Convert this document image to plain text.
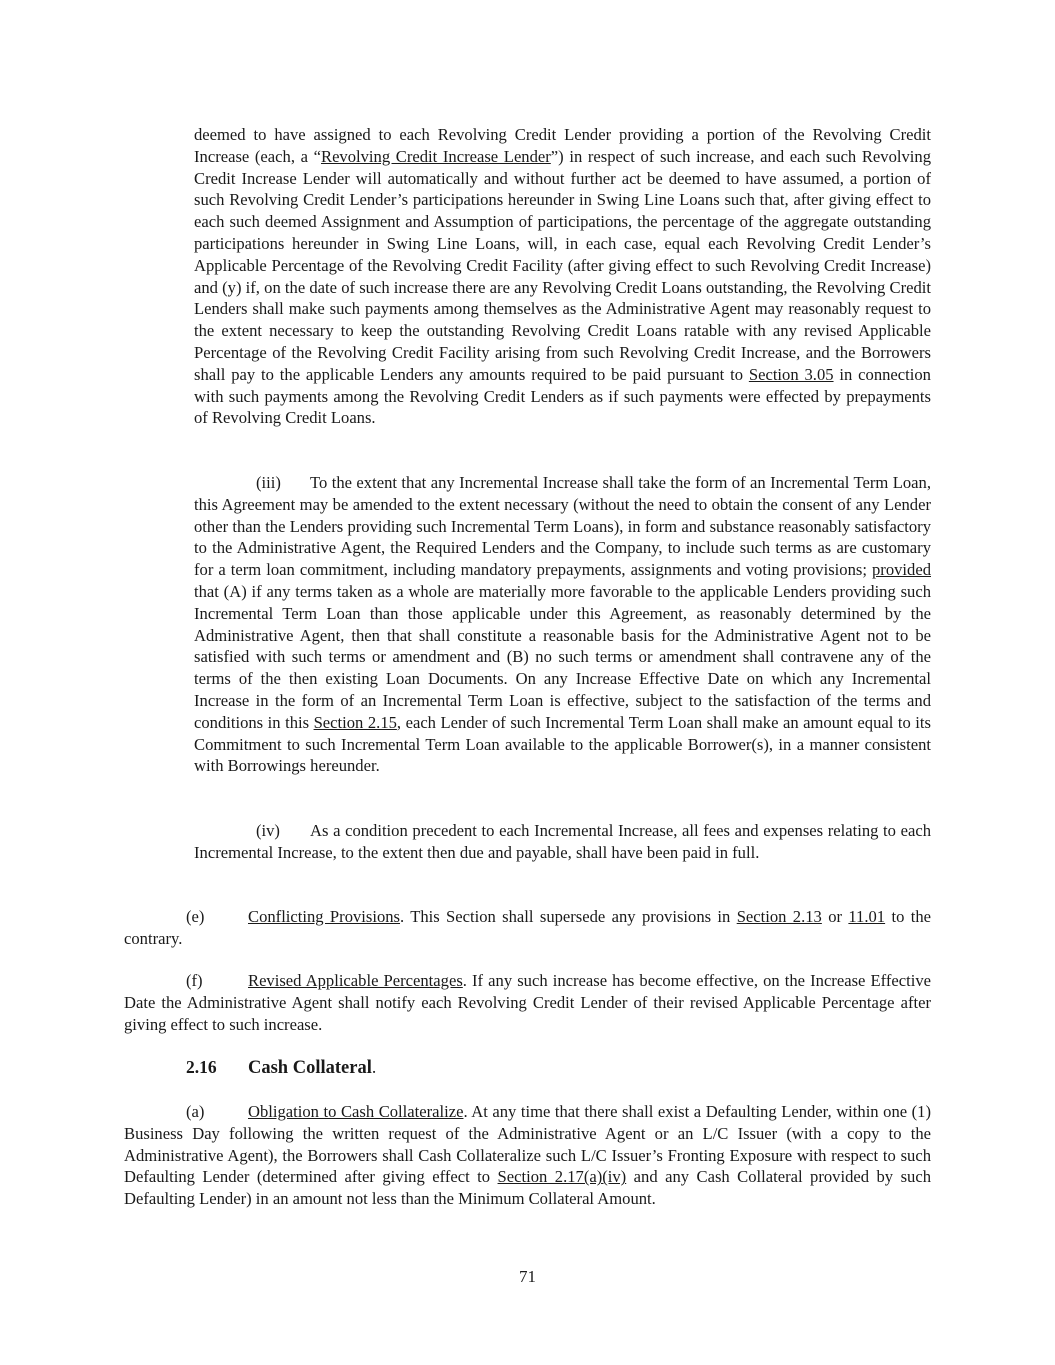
deemed to have assigned to each Revolving Credit Lender providing a portion of the Revolving Credit Increase (each, a “Revolving Credit Increase Lender”) in respect of such increase, and each such Revolving Credit Increase Lender will automatically and without further act be deemed to have assumed, a portion of such Revolving Credit Lender’s participations hereunder in Swing Line Loans such that, after giving effect to each such deemed Assignment and Assumption of participations, the percentage of the aggregate outstanding participations hereunder in Swing Line Loans, will, in each case, equal each Revolving Credit Lender’s Applicable Percentage of the Revolving Credit Facility (after giving effect to such Revolving Credit Increase) and (y) if, on the date of such increase there are any Revolving Credit Loans outstanding, the Revolving Credit Lenders shall make such payments among themselves as the Administrative Agent may reasonably request to the extent necessary to keep the outstanding Revolving Credit Loans ratable with any revised Applicable Percentage of the Revolving Credit Facility arising from such Revolving Credit Increase, and the Borrowers shall pay to the applicable Lenders any amounts required to be paid pursuant to Section 3.05 in connection with such payments among the Revolving Credit Lenders as if such payments were effected by prepayments of Revolving Credit Loans.

(iii) To the extent that any Incremental Increase shall take the form of an Incremental Term Loan, this Agreement may be amended to the extent necessary (without the need to obtain the consent of any Lender other than the Lenders providing such Incremental Term Loans), in form and substance reasonably satisfactory to the Administrative Agent, the Required Lenders and the Company, to include such terms as are customary for a term loan commitment, including mandatory prepayments, assignments and voting provisions; provided that (A) if any terms taken as a whole are materially more favorable to the applicable Lenders providing such Incremental Term Loan than those applicable under this Agreement, as reasonably determined by the Administrative Agent, then that shall constitute a reasonable basis for the Administrative Agent not to be satisfied with such terms or amendment and (B) no such terms or amendment shall contravene any of the terms of the then existing Loan Documents. On any Increase Effective Date on which any Incremental Increase in the form of an Incremental Term Loan is effective, subject to the satisfaction of the terms and conditions in this Section 2.15, each Lender of such Incremental Term Loan shall make an amount equal to its Commitment to such Incremental Term Loan available to the applicable Borrower(s), in a manner consistent with Borrowings hereunder.

(iv) As a condition precedent to each Incremental Increase, all fees and expenses relating to each Incremental Increase, to the extent then due and payable, shall have been paid in full.

(e)	Conflicting Provisions. This Section shall supersede any provisions in Section 2.13 or 11.01 to the contrary.

(f)	Revised Applicable Percentages. If any such increase has become effective, on the Increase Effective Date the Administrative Agent shall notify each Revolving Credit Lender of their revised Applicable Percentage after giving effect to such increase.

2.16 Cash Collateral.

(a)	Obligation to Cash Collateralize. At any time that there shall exist a Defaulting Lender, within one (1) Business Day following the written request of the Administrative Agent or an L/C Issuer (with a copy to the Administrative Agent), the Borrowers shall Cash Collateralize such L/C Issuer’s Fronting Exposure with respect to such Defaulting Lender (determined after giving effect to Section 2.17(a)(iv) and any Cash Collateral provided by such Defaulting Lender) in an amount not less than the Minimum Collateral Amount.

71
